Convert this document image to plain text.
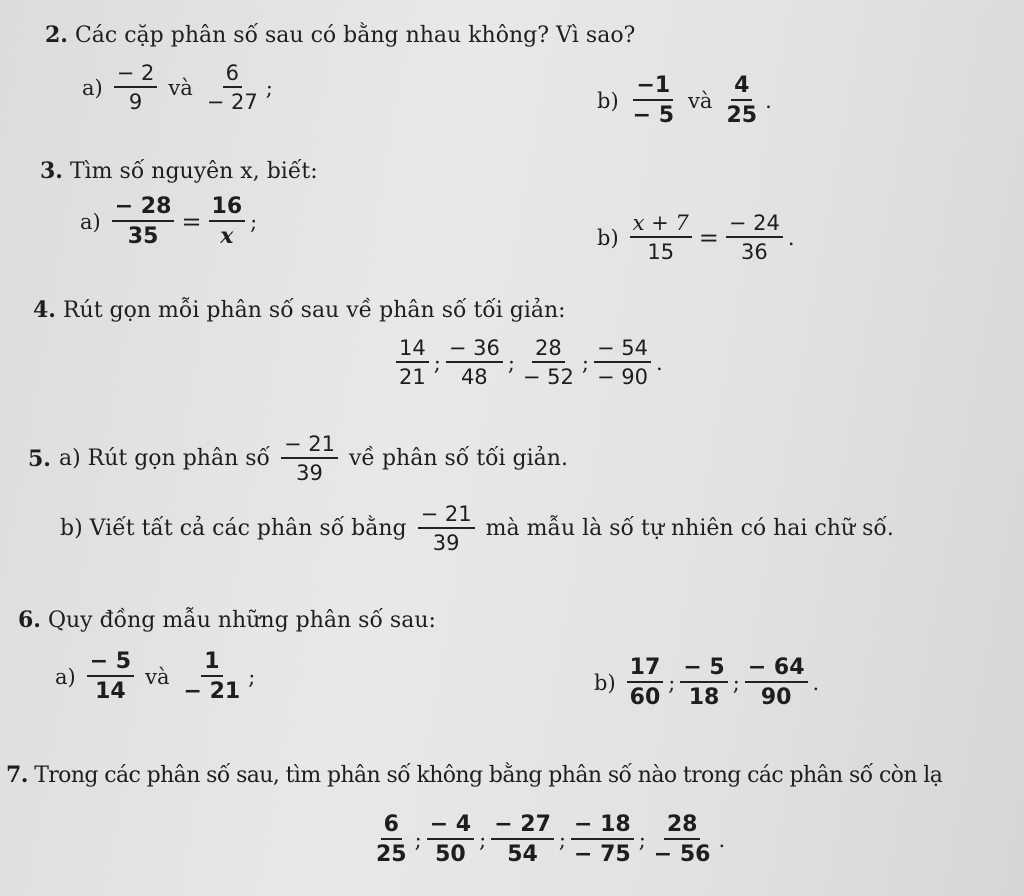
2. Các cặp phân số sau có bằng nhau không? Vì sao?
$a) \frac{- 2}{9}$ và $\frac{6}{- 27}$ ;
$b) \frac{-1}{- 5}$ và $\frac{4}{25}$ .
3. Tìm số nguyên x, biết:
$a) \frac{- 28}{35} = \frac{16}{x}$ ;
$b) \frac{x + 7}{15} = \frac{- 24}{36}$ .
4. Rút gọn mỗi phân số sau về phân số tối giản:
$\frac{14}{21}$ ; $\frac{- 36}{48}$ ; $\frac{28}{- 52}$ ; $\frac{- 54}{- 90}$ .
5. a) Rút gọn phân số $\frac{- 21}{39}$ về phân số tối giản.
b) Viết tất cả các phân số bằng $\frac{- 21}{39}$ mà mẫu là số tự nhiên có hai chữ số.
6. Quy đồng mẫu những phân số sau:
$a) \frac{- 5}{14}$ và $\frac{1}{- 21}$ ;	$b) \frac{17}{60}$ ; $\frac{- 5}{18}$ ; $\frac{- 64}{90}$ .
7. Trong các phân số sau, tìm phân số không bằng phân số nào trong các phân số còn lạ
$\frac{6}{25}$ ; $\frac{- 4}{50}$ ; $\frac{- 27}{54}$ ; $\frac{- 18}{- 75}$ ; $\frac{28}{- 56}$ .
